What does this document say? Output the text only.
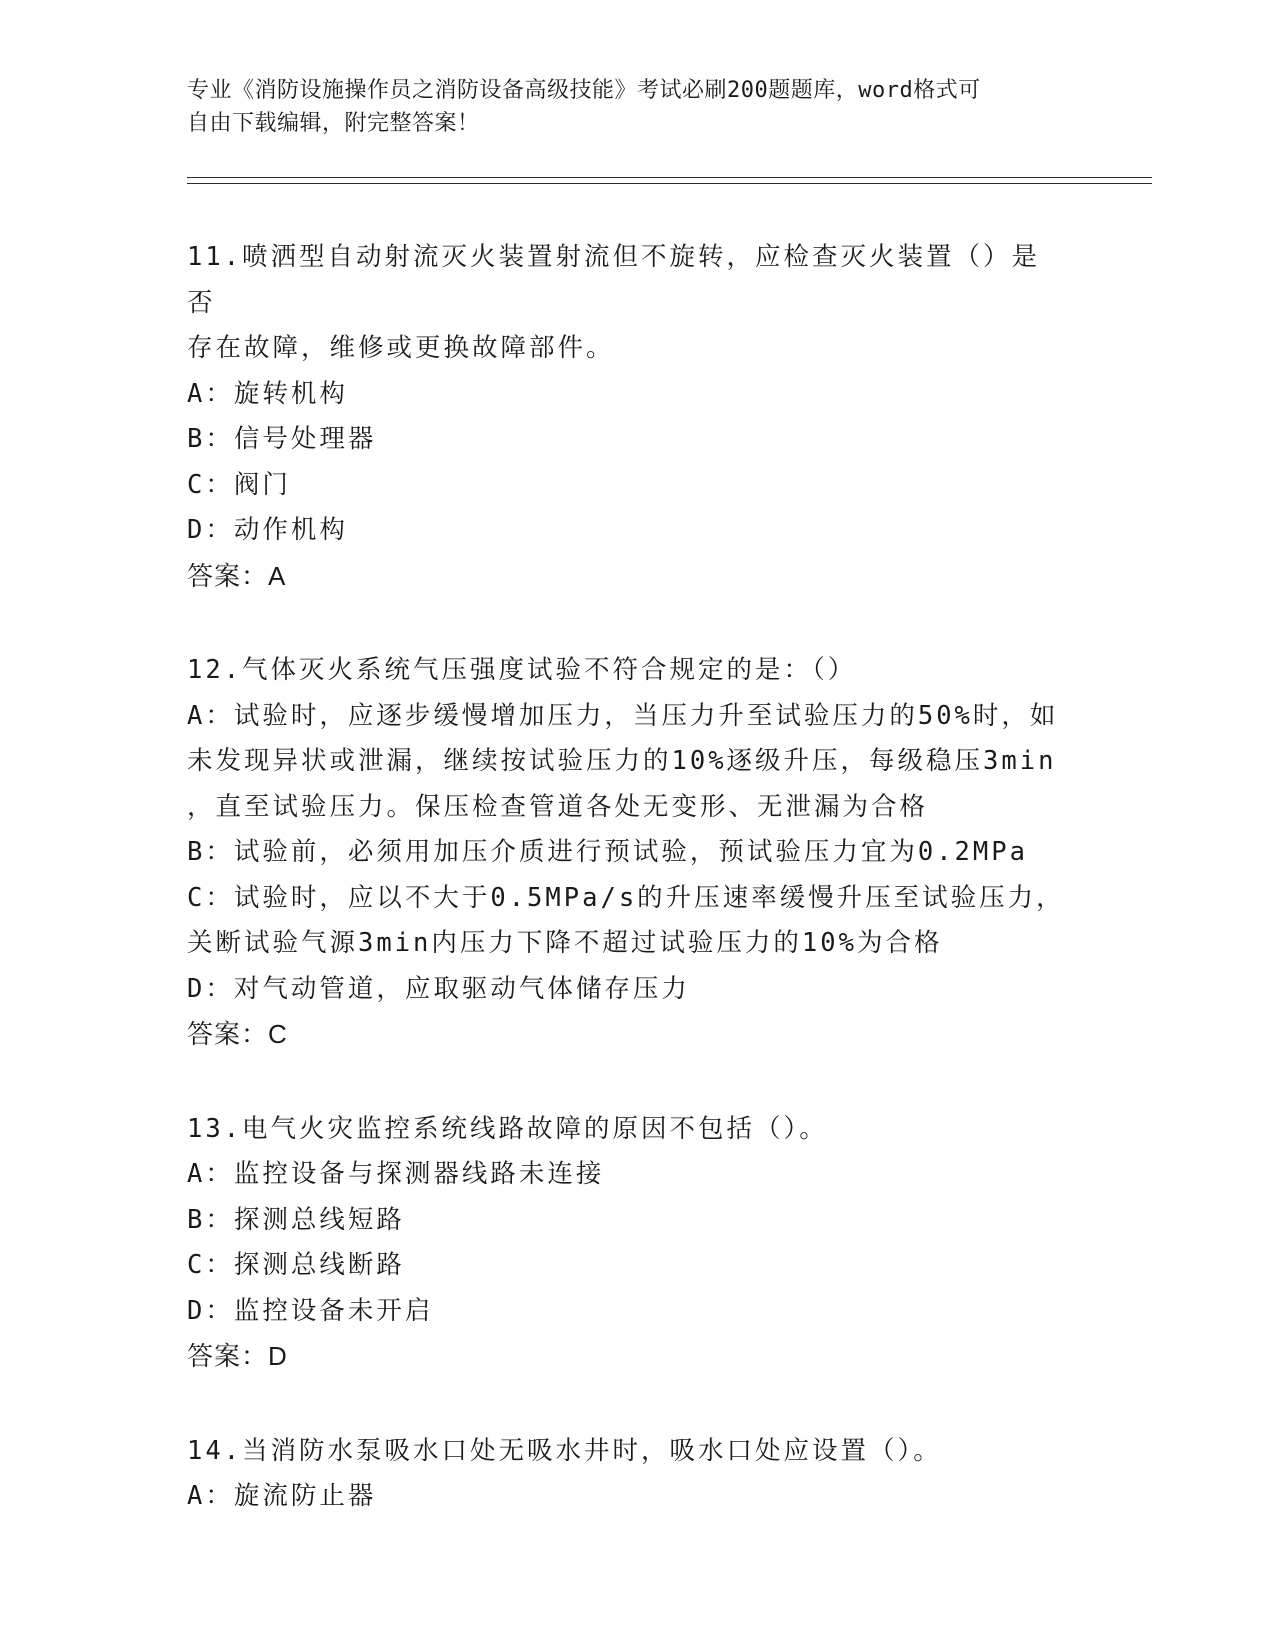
专业《消防设施操作员之消防设备高级技能》考试必刷200题题库，word格式可
自由下载编辑，附完整答案！
11.喷洒型自动射流灭火装置射流但不旋转，应检查灭火装置（）是否
存在故障，维修或更换故障部件。
A：旋转机构
B：信号处理器
C：阀门
D：动作机构
答案：A
12.气体灭火系统气压强度试验不符合规定的是：（）
A：试验时，应逐步缓慢增加压力，当压力升至试验压力的50%时，如
未发现异状或泄漏，继续按试验压力的10%逐级升压，每级稳压3min
，直至试验压力。保压检查管道各处无变形、无泄漏为合格
B：试验前，必须用加压介质进行预试验，预试验压力宜为0.2MPa
C：试验时，应以不大于0.5MPa/s的升压速率缓慢升压至试验压力，
关断试验气源3min内压力下降不超过试验压力的10%为合格
D：对气动管道，应取驱动气体储存压力
答案：C
13.电气火灾监控系统线路故障的原因不包括（）。
A：监控设备与探测器线路未连接
B：探测总线短路
C：探测总线断路
D：监控设备未开启
答案：D
14.当消防水泵吸水口处无吸水井时，吸水口处应设置（）。
A：旋流防止器
